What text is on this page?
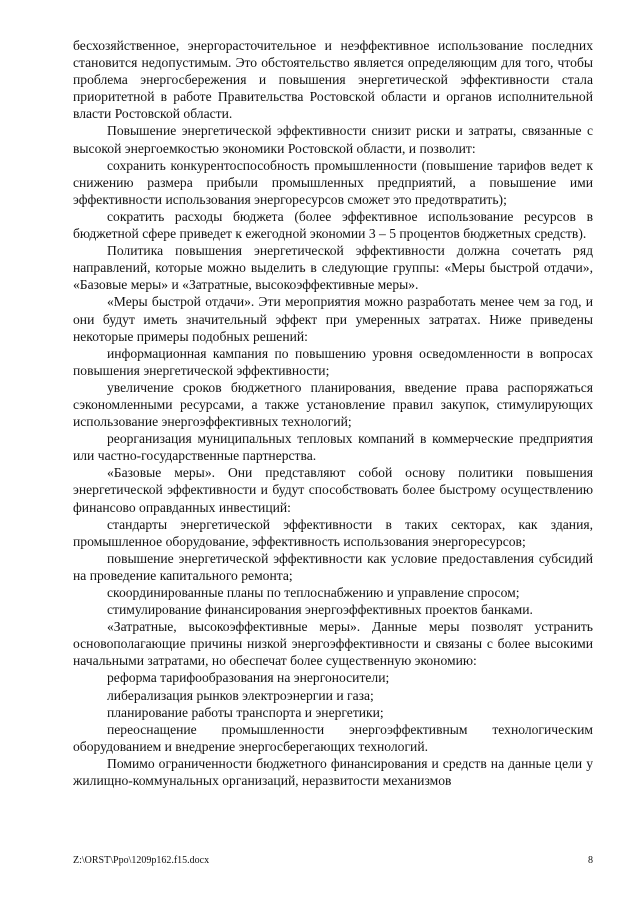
бесхозяйственное, энергорасточительное и неэффективное использование последних становится недопустимым. Это обстоятельство является определяющим для того, чтобы проблема энергосбережения и повышения энергетической эффективности стала приоритетной в работе Правительства Ростовской области и органов исполнительной власти Ростовской области.

Повышение энергетической эффективности снизит риски и затраты, связанные с высокой энергоемкостью экономики Ростовской области, и позволит:

сохранить конкурентоспособность промышленности (повышение тарифов ведет к снижению размера прибыли промышленных предприятий, а повышение ими эффективности использования энергоресурсов сможет это предотвратить);

сократить расходы бюджета (более эффективное использование ресурсов в бюджетной сфере приведет к ежегодной экономии 3 – 5 процентов бюджетных средств).

Политика повышения энергетической эффективности должна сочетать ряд направлений, которые можно выделить в следующие группы: «Меры быстрой отдачи», «Базовые меры» и «Затратные, высокоэффективные меры».

«Меры быстрой отдачи». Эти мероприятия можно разработать менее чем за год, и они будут иметь значительный эффект при умеренных затратах. Ниже приведены некоторые примеры подобных решений:

информационная кампания по повышению уровня осведомленности в вопросах повышения энергетической эффективности;

увеличение сроков бюджетного планирования, введение права распоряжаться сэкономленными ресурсами, а также установление правил закупок, стимулирующих использование энергоэффективных технологий;

реорганизация муниципальных тепловых компаний в коммерческие предприятия или частно-государственные партнерства.

«Базовые меры». Они представляют собой основу политики повышения энергетической эффективности и будут способствовать более быстрому осуществлению финансово оправданных инвестиций:

стандарты энергетической эффективности в таких секторах, как здания, промышленное оборудование, эффективность использования энергоресурсов;

повышение энергетической эффективности как условие предоставления субсидий на проведение капитального ремонта;

скоординированные планы по теплоснабжению и управление спросом;

стимулирование финансирования энергоэффективных проектов банками.

«Затратные, высокоэффективные меры». Данные меры позволят устранить основополагающие причины низкой энергоэффективности и связаны с более высокими начальными затратами, но обеспечат более существенную экономию:

реформа тарифообразования на энергоносители;

либерализация рынков электроэнергии и газа;

планирование работы транспорта и энергетики;

переоснащение промышленности энергоэффективным технологическим оборудованием и внедрение энергосберегающих технологий.

Помимо ограниченности бюджетного финансирования и средств на данные цели у жилищно-коммунальных организаций, неразвитости механизмов

Z:\ORST\Ppo\1209p162.f15.docx	8
